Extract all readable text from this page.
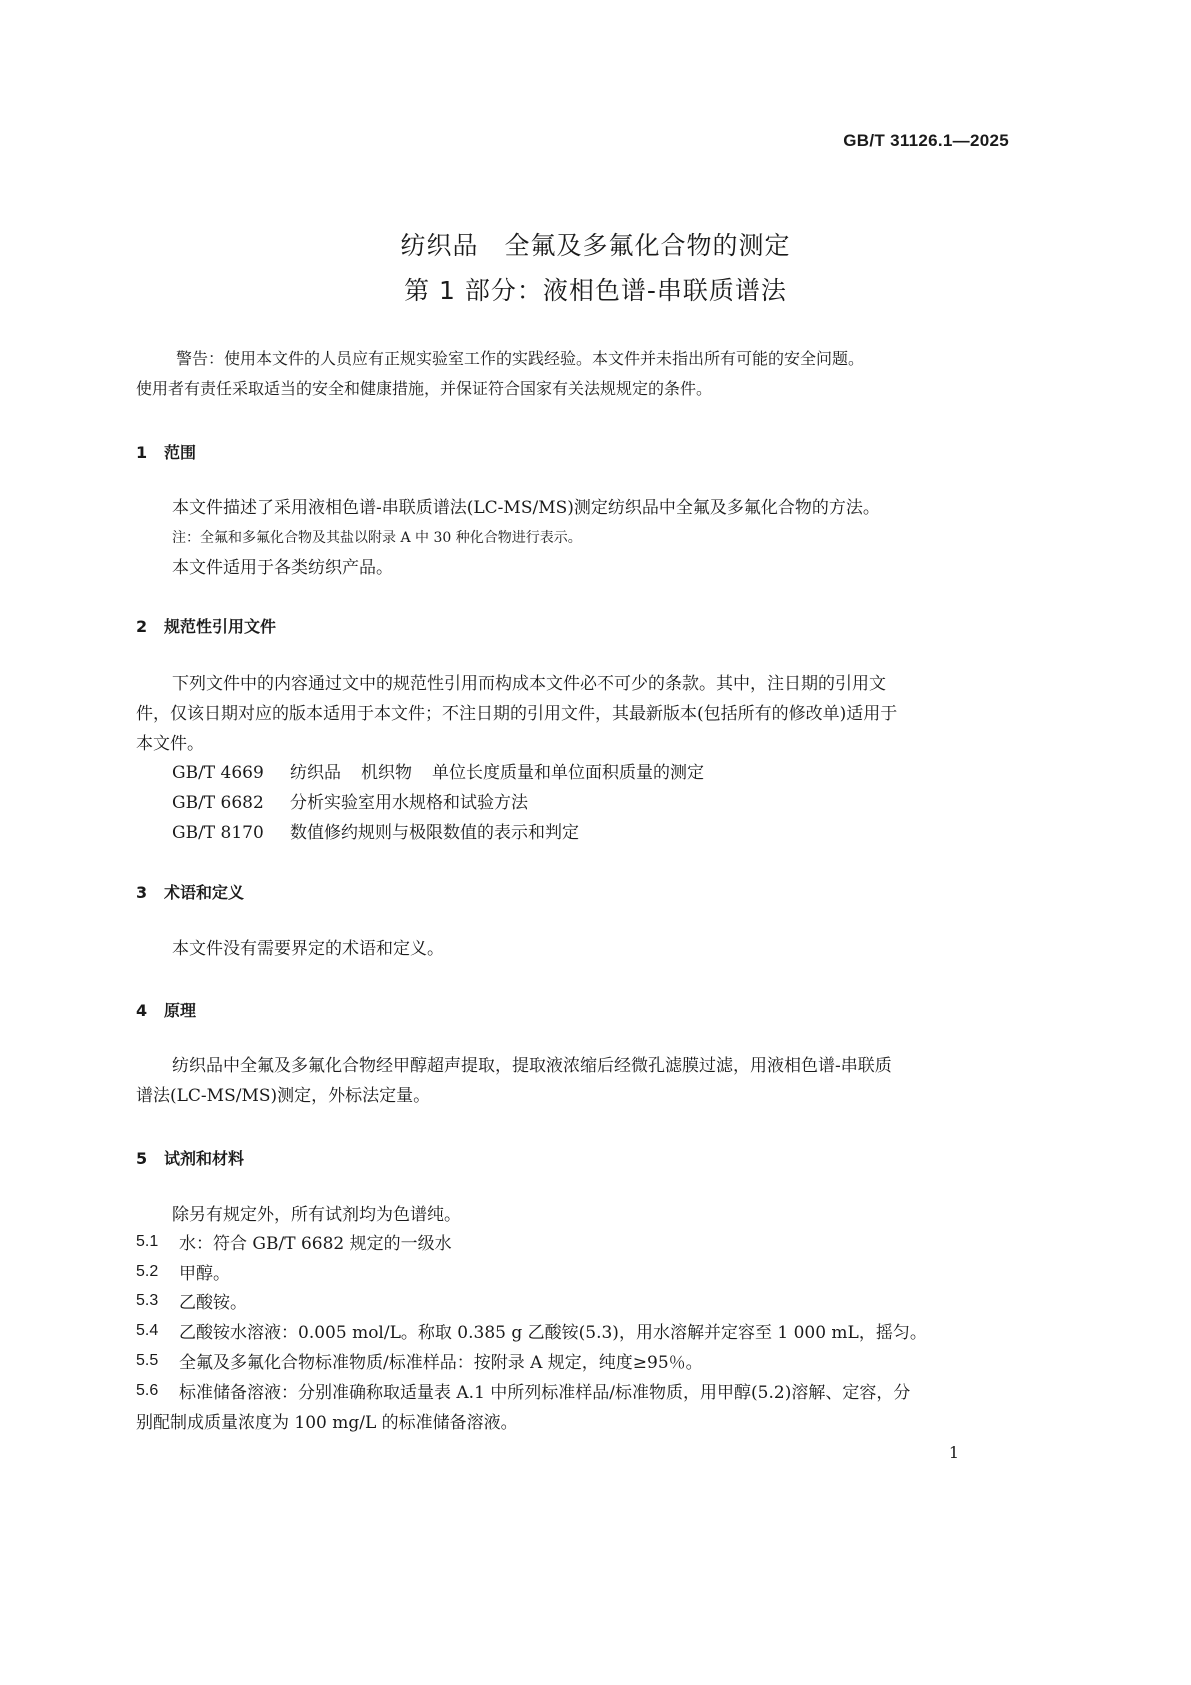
GB/T 31126.1—2025
纺织品　全氟及多氟化合物的测定
第 1 部分：液相色谱-串联质谱法
警告：使用本文件的人员应有正规实验室工作的实践经验。本文件并未指出所有可能的安全问题。
使用者有责任采取适当的安全和健康措施，并保证符合国家有关法规规定的条件。
1 范围
本文件描述了采用液相色谱-串联质谱法(LC-MS/MS)测定纺织品中全氟及多氟化合物的方法。
注：全氟和多氟化合物及其盐以附录 A 中 30 种化合物进行表示。
本文件适用于各类纺织产品。
2 规范性引用文件
下列文件中的内容通过文中的规范性引用而构成本文件必不可少的条款。其中，注日期的引用文
件，仅该日期对应的版本适用于本文件；不注日期的引用文件，其最新版本(包括所有的修改单)适用于
本文件。
GB/T 4669 纺织品 机织物 单位长度质量和单位面积质量的测定
GB/T 6682 分析实验室用水规格和试验方法
GB/T 8170 数值修约规则与极限数值的表示和判定
3 术语和定义
本文件没有需要界定的术语和定义。
4 原理
纺织品中全氟及多氟化合物经甲醇超声提取，提取液浓缩后经微孔滤膜过滤，用液相色谱-串联质
谱法(LC-MS/MS)测定，外标法定量。
5 试剂和材料
除另有规定外，所有试剂均为色谱纯。
5.1 水：符合 GB/T 6682 规定的一级水
5.2 甲醇。
5.3 乙酸铵。
5.4 乙酸铵水溶液：0.005 mol/L。称取 0.385 g 乙酸铵(5.3)，用水溶解并定容至 1 000 mL，摇匀。
5.5 全氟及多氟化合物标准物质/标准样品：按附录 A 规定，纯度≥95％。
5.6 标准储备溶液：分别准确称取适量表 A.1 中所列标准样品/标准物质，用甲醇(5.2)溶解、定容，分
别配制成质量浓度为 100 mg/L 的标准储备溶液。
1
